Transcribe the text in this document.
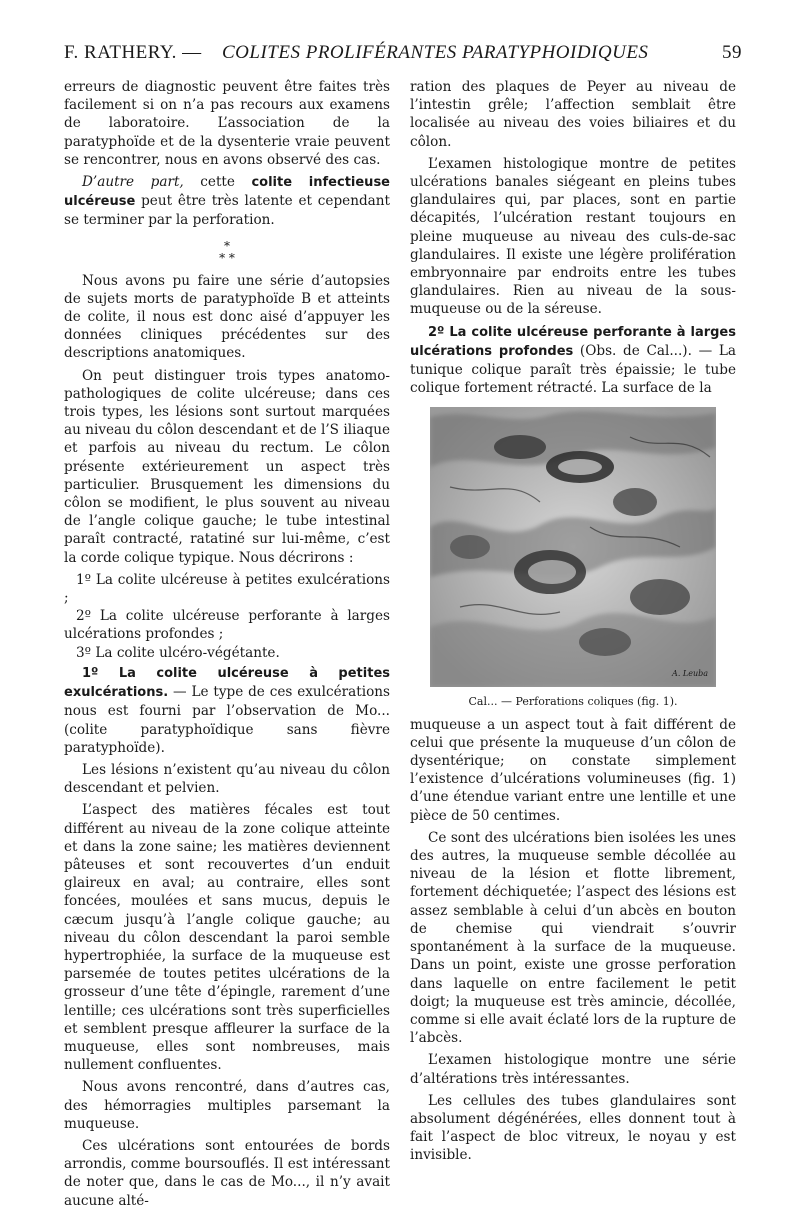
F. RATHERY. — COLITES PROLIFÉRANTES PARATYPHOIDIQUES	59

erreurs de diagnostic peuvent être faites très facilement si on n’a pas recours aux examens de laboratoire. L’association de la paratyphoïde et de la dysenterie vraie peuvent se rencontrer, nous en avons observé des cas.

D’autre part, cette colite infectieuse ulcéreuse peut être très latente et cependant se terminer par la perforation.

*
* *

Nous avons pu faire une série d’autopsies de sujets morts de paratyphoïde B et atteints de colite, il nous est donc aisé d’appuyer les données cliniques précédentes sur des descriptions anatomiques.

On peut distinguer trois types anatomo-pathologiques de colite ulcéreuse; dans ces trois types, les lésions sont surtout marquées au niveau du côlon descendant et de l’S iliaque et parfois au niveau du rectum. Le côlon présente extérieurement un aspect très particulier. Brusquement les dimensions du côlon se modifient, le plus souvent au niveau de l’angle colique gauche; le tube intestinal paraît contracté, ratatiné sur lui-même, c’est la corde colique typique. Nous décrirons :

1º La colite ulcéreuse à petites exulcérations ;

2º La colite ulcéreuse perforante à larges ulcérations profondes ;

3º La colite ulcéro-végétante.

1º La colite ulcéreuse à petites exulcérations. — Le type de ces exulcérations nous est fourni par l’observation de Mo... (colite paratyphoïdique sans fièvre paratyphoïde).

Les lésions n’existent qu’au niveau du côlon descendant et pelvien.

L’aspect des matières fécales est tout différent au niveau de la zone colique atteinte et dans la zone saine; les matières deviennent pâteuses et sont recouvertes d’un enduit glaireux en aval; au contraire, elles sont foncées, moulées et sans mucus, depuis le cæcum jusqu’à l’angle colique gauche; au niveau du côlon descendant la paroi semble hypertrophiée, la surface de la muqueuse est parsemée de toutes petites ulcérations de la grosseur d’une tête d’épingle, rarement d’une lentille; ces ulcérations sont très superficielles et semblent presque affleurer la surface de la muqueuse, elles sont nombreuses, mais nullement confluentes.

Nous avons rencontré, dans d’autres cas, des hémorragies multiples parsemant la muqueuse.

Ces ulcérations sont entourées de bords arrondis, comme boursouflés. Il est intéressant de noter que, dans le cas de Mo..., il n’y avait aucune alté-

ration des plaques de Peyer au niveau de l’intestin grêle; l’affection semblait être localisée au niveau des voies biliaires et du côlon.

L’examen histologique montre de petites ulcérations banales siégeant en pleins tubes glandulaires qui, par places, sont en partie décapités, l’ulcération restant toujours en pleine muqueuse au niveau des culs-de-sac glandulaires. Il existe une légère prolifération embryonnaire par endroits entre les tubes glandulaires. Rien au niveau de la sous-muqueuse ou de la séreuse.

2º La colite ulcéreuse perforante à larges ulcérations profondes (Obs. de Cal...). — La tunique colique paraît très épaissie; le tube colique fortement rétracté. La surface de la

A. Leuba
Cal... — Perforations coliques (fig. 1).

muqueuse a un aspect tout à fait différent de celui que présente la muqueuse d’un côlon de dysentérique; on constate simplement l’existence d’ulcérations volumineuses (fig. 1) d’une étendue variant entre une lentille et une pièce de 50 centimes.

Ce sont des ulcérations bien isolées les unes des autres, la muqueuse semble décollée au niveau de la lésion et flotte librement, fortement déchiquetée; l’aspect des lésions est assez semblable à celui d’un abcès en bouton de chemise qui viendrait s’ouvrir spontanément à la surface de la muqueuse. Dans un point, existe une grosse perforation dans laquelle on entre facilement le petit doigt; la muqueuse est très amincie, décollée, comme si elle avait éclaté lors de la rupture de l’abcès.

L’examen histologique montre une série d’altérations très intéressantes.

Les cellules des tubes glandulaires sont absolument dégénérées, elles donnent tout à fait l’aspect de bloc vitreux, le noyau y est invisible.
